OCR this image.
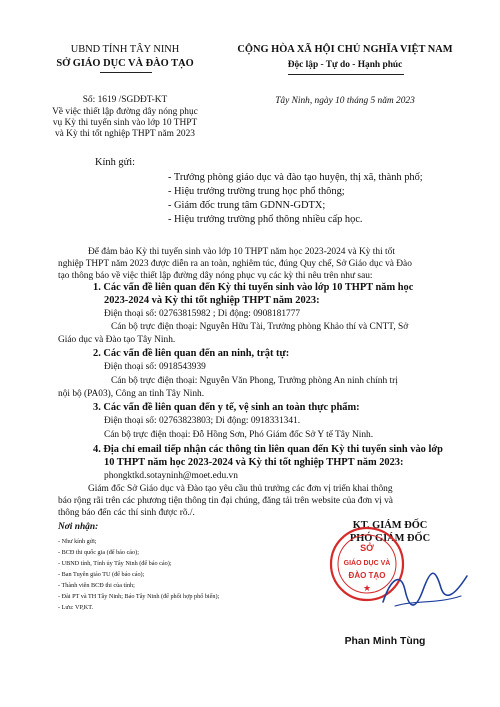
UBND TỈNH TÂY NINH
SỞ GIÁO DỤC VÀ ĐÀO TẠO
Số: 1619 /SGDĐT-KT
Về việc thiết lập đường dây nóng phục
vụ Kỳ thi tuyển sinh vào lớp 10 THPT
và Kỳ thi tốt nghiệp THPT năm 2023
CỘNG HÒA XÃ HỘI CHỦ NGHĨA VIỆT NAM
Độc lập - Tự do - Hạnh phúc
Tây Ninh, ngày 10 tháng 5 năm 2023
Kính gửi:
- Trưởng phòng giáo dục và đào tạo huyện, thị xã, thành phố;
- Hiệu trưởng trường trung học phổ thông;
- Giám đốc trung tâm GDNN-GDTX;
- Hiệu trưởng trường phổ thông nhiều cấp học.
Để đảm bảo Kỳ thi tuyển sinh vào lớp 10 THPT năm học 2023-2024 và Kỳ thi tốt
nghiệp THPT năm 2023 được diễn ra an toàn, nghiêm túc, đúng Quy chế, Sở Giáo dục và Đào
tạo thông báo về việc thiết lập đường dây nóng phục vụ các kỳ thi nêu trên như sau:
1. Các vấn đề liên quan đến Kỳ thi tuyển sinh vào lớp 10 THPT năm học
2023-2024 và Kỳ thi tốt nghiệp THPT năm 2023:
Điện thoại số: 02763815982 ; Di động: 0908181777
Cán bộ trực điện thoại: Nguyễn Hữu Tài, Trưởng phòng Khảo thí và CNTT, Sở
Giáo dục và Đào tạo Tây Ninh.
2. Các vấn đề liên quan đến an ninh, trật tự:
Điện thoại số: 0918543939
Cán bộ trực điện thoại: Nguyễn Văn Phong, Trưởng phòng An ninh chính trị
nội bộ (PA03), Công an tỉnh Tây Ninh.
3. Các vấn đề liên quan đến y tế, vệ sinh an toàn thực phẩm:
Điện thoại số: 02763823803; Di động: 0918331341.
Cán bộ trực điện thoại: Đỗ Hồng Sơn, Phó Giám đốc Sở Y tế Tây Ninh.
4. Địa chỉ email tiếp nhận các thông tin liên quan đến Kỳ thi tuyển sinh vào lớp
10 THPT năm học 2023-2024 và Kỳ thi tốt nghiệp THPT năm 2023:
phongktkd.sotayninh@moet.edu.vn
Giám đốc Sở Giáo dục và Đào tạo yêu cầu thủ trưởng các đơn vị triển khai thông
báo rộng rãi trên các phương tiện thông tin đại chúng, đăng tải trên website của đơn vị và
thông báo đến các thí sinh được rõ./.
Nơi nhận:
- Như kính gửi;
- BCĐ thi quốc gia (để báo cáo);
- UBND tỉnh, Tỉnh ủy Tây Ninh (để báo cáo);
- Ban Tuyên giáo TU (để báo cáo);
- Thành viên BCĐ thi của tỉnh;
- Đài PT và TH Tây Ninh; Báo Tây Ninh (để phối hợp phổ biến);
- Lưu: VP,KT.
KT. GIÁM ĐỐC
PHÓ GIÁM ĐỐC
SỞ
GIÁO DỤC VÀ
ĐÀO TẠO
★
Phan Minh Tùng
